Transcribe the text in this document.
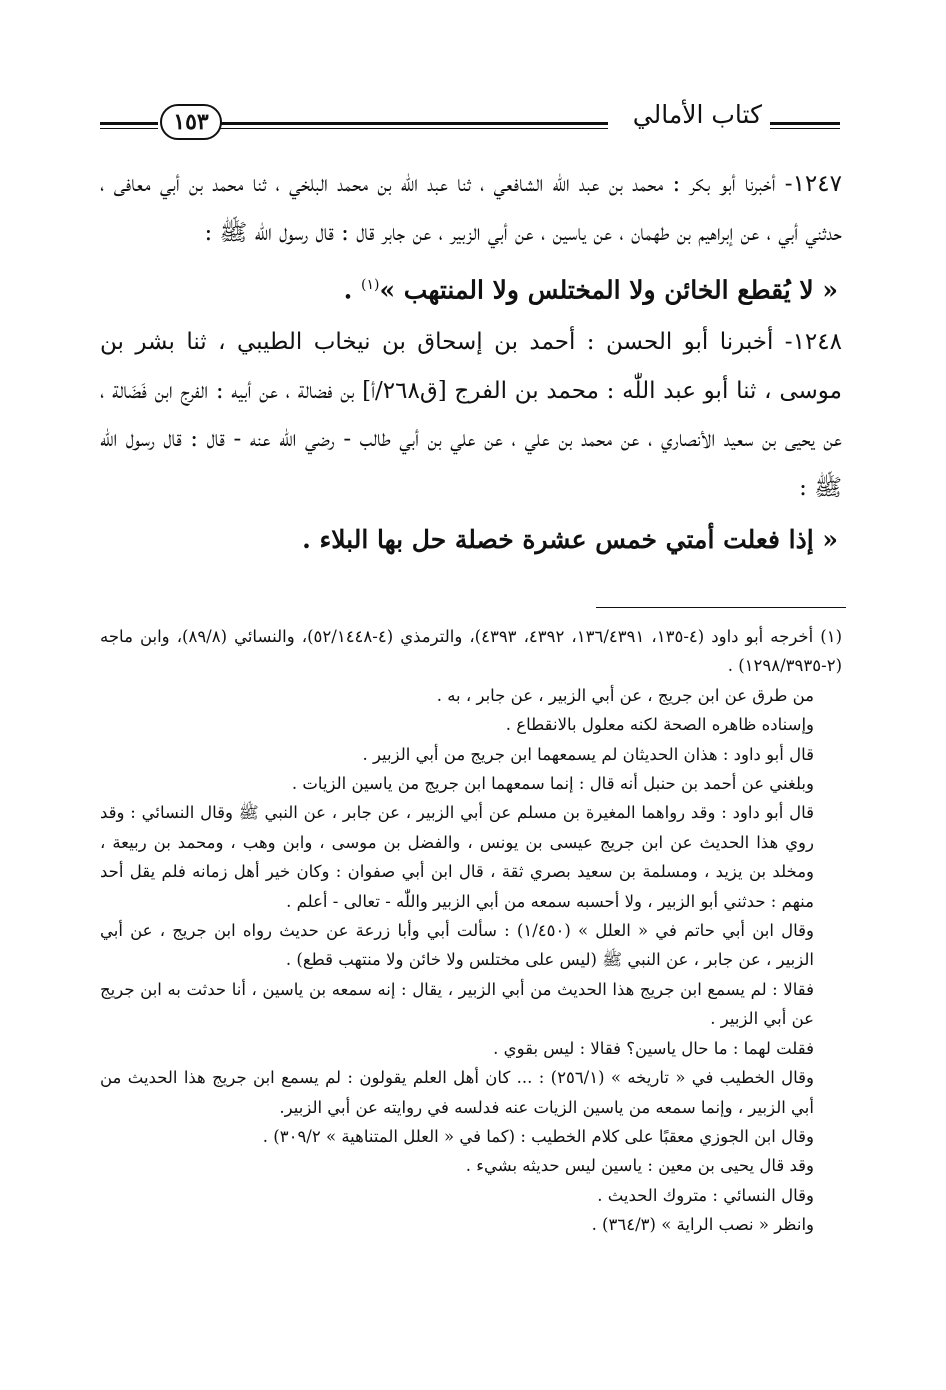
كتاب الأمالي
١٥٣

١٢٤٧- أخبرنا أبو بكر : محمد بن عبد اللّٰه الشافعي ، ثنا عبد اللّٰه بن محمد البلخي ، ثنا محمد بن أبي معافى ، حدثني أبي ، عن إبراهيم بن طهمان ، عن ياسين ، عن أبي الزبير ، عن جابر قال : قال رسول اللّٰه ﷺ :

« لا يُقطع الخائن ولا المختلس ولا المنتهب »$^{(١)}$ .

١٢٤٨- أخبرنا أبو الحسن : أحمد بن إسحاق بن نيخاب الطيبي ، ثنا بشر بن موسى ، ثنا أبو عبد اللّٰه : محمد بن الفرج [ق٢٦٨/أ] بن فضالة ، عن أبيه : الفرج ابن فَضَالة ، عن يحيى بن سعيد الأنصاري ، عن محمد بن علي ، عن علي بن أبي طالب - رضي اللّٰه عنه - قال : قال رسول اللّٰه ﷺ :

« إذا فعلت أمتي خمس عشرة خصلة حل بها البلاء .

(١) أخرجه أبو داود (٤-١٣٥، ١٣٦/٤٣٩١، ٤٣٩٢، ٤٣٩٣)، والترمذي (٤-٥٢/١٤٤٨)، والنسائي (٨٩/٨)، وابن ماجه (٢-١٢٩٨/٣٩٣٥) .

من طرق عن ابن جريج ، عن أبي الزبير ، عن جابر ، به .

وإسناده ظاهره الصحة لكنه معلول بالانقطاع .

قال أبو داود : هذان الحديثان لم يسمعهما ابن جريج من أبي الزبير .

وبلغني عن أحمد بن حنبل أنه قال : إنما سمعهما ابن جريج من ياسين الزيات .

قال أبو داود : وقد رواهما المغيرة بن مسلم عن أبي الزبير ، عن جابر ، عن النبي ﷺ وقال النسائي : وقد روي هذا الحديث عن ابن جريج عيسى بن يونس ، والفضل بن موسى ، وابن وهب ، ومحمد بن ربيعة ، ومخلد بن يزيد ، ومسلمة بن سعيد بصري ثقة ، قال ابن أبي صفوان : وكان خير أهل زمانه فلم يقل أحد منهم : حدثني أبو الزبير ، ولا أحسبه سمعه من أبي الزبير واللّٰه - تعالى - أعلم .

وقال ابن أبي حاتم في « العلل » (١/٤٥٠) : سألت أبي وأبا زرعة عن حديث رواه ابن جريج ، عن أبي الزبير ، عن جابر ، عن النبي ﷺ (ليس على مختلس ولا خائن ولا منتهب قطع) .

فقالا : لم يسمع ابن جريج هذا الحديث من أبي الزبير ، يقال : إنه سمعه بن ياسين ، أنا حدثت به ابن جريج عن أبي الزبير .

فقلت لهما : ما حال ياسين؟ فقالا : ليس بقوي .

وقال الخطيب في « تاريخه » (٢٥٦/١) : ... كان أهل العلم يقولون : لم يسمع ابن جريج هذا الحديث من أبي الزبير ، وإنما سمعه من ياسين الزيات عنه فدلسه في روايته عن أبي الزبير.

وقال ابن الجوزي معقبًا على كلام الخطيب : (كما في « العلل المتناهية » ٣٠٩/٢) .

وقد قال يحيى بن معين : ياسين ليس حديثه بشيء .

وقال النسائي : متروك الحديث .

وانظر « نصب الراية » (٣٦٤/٣) .
